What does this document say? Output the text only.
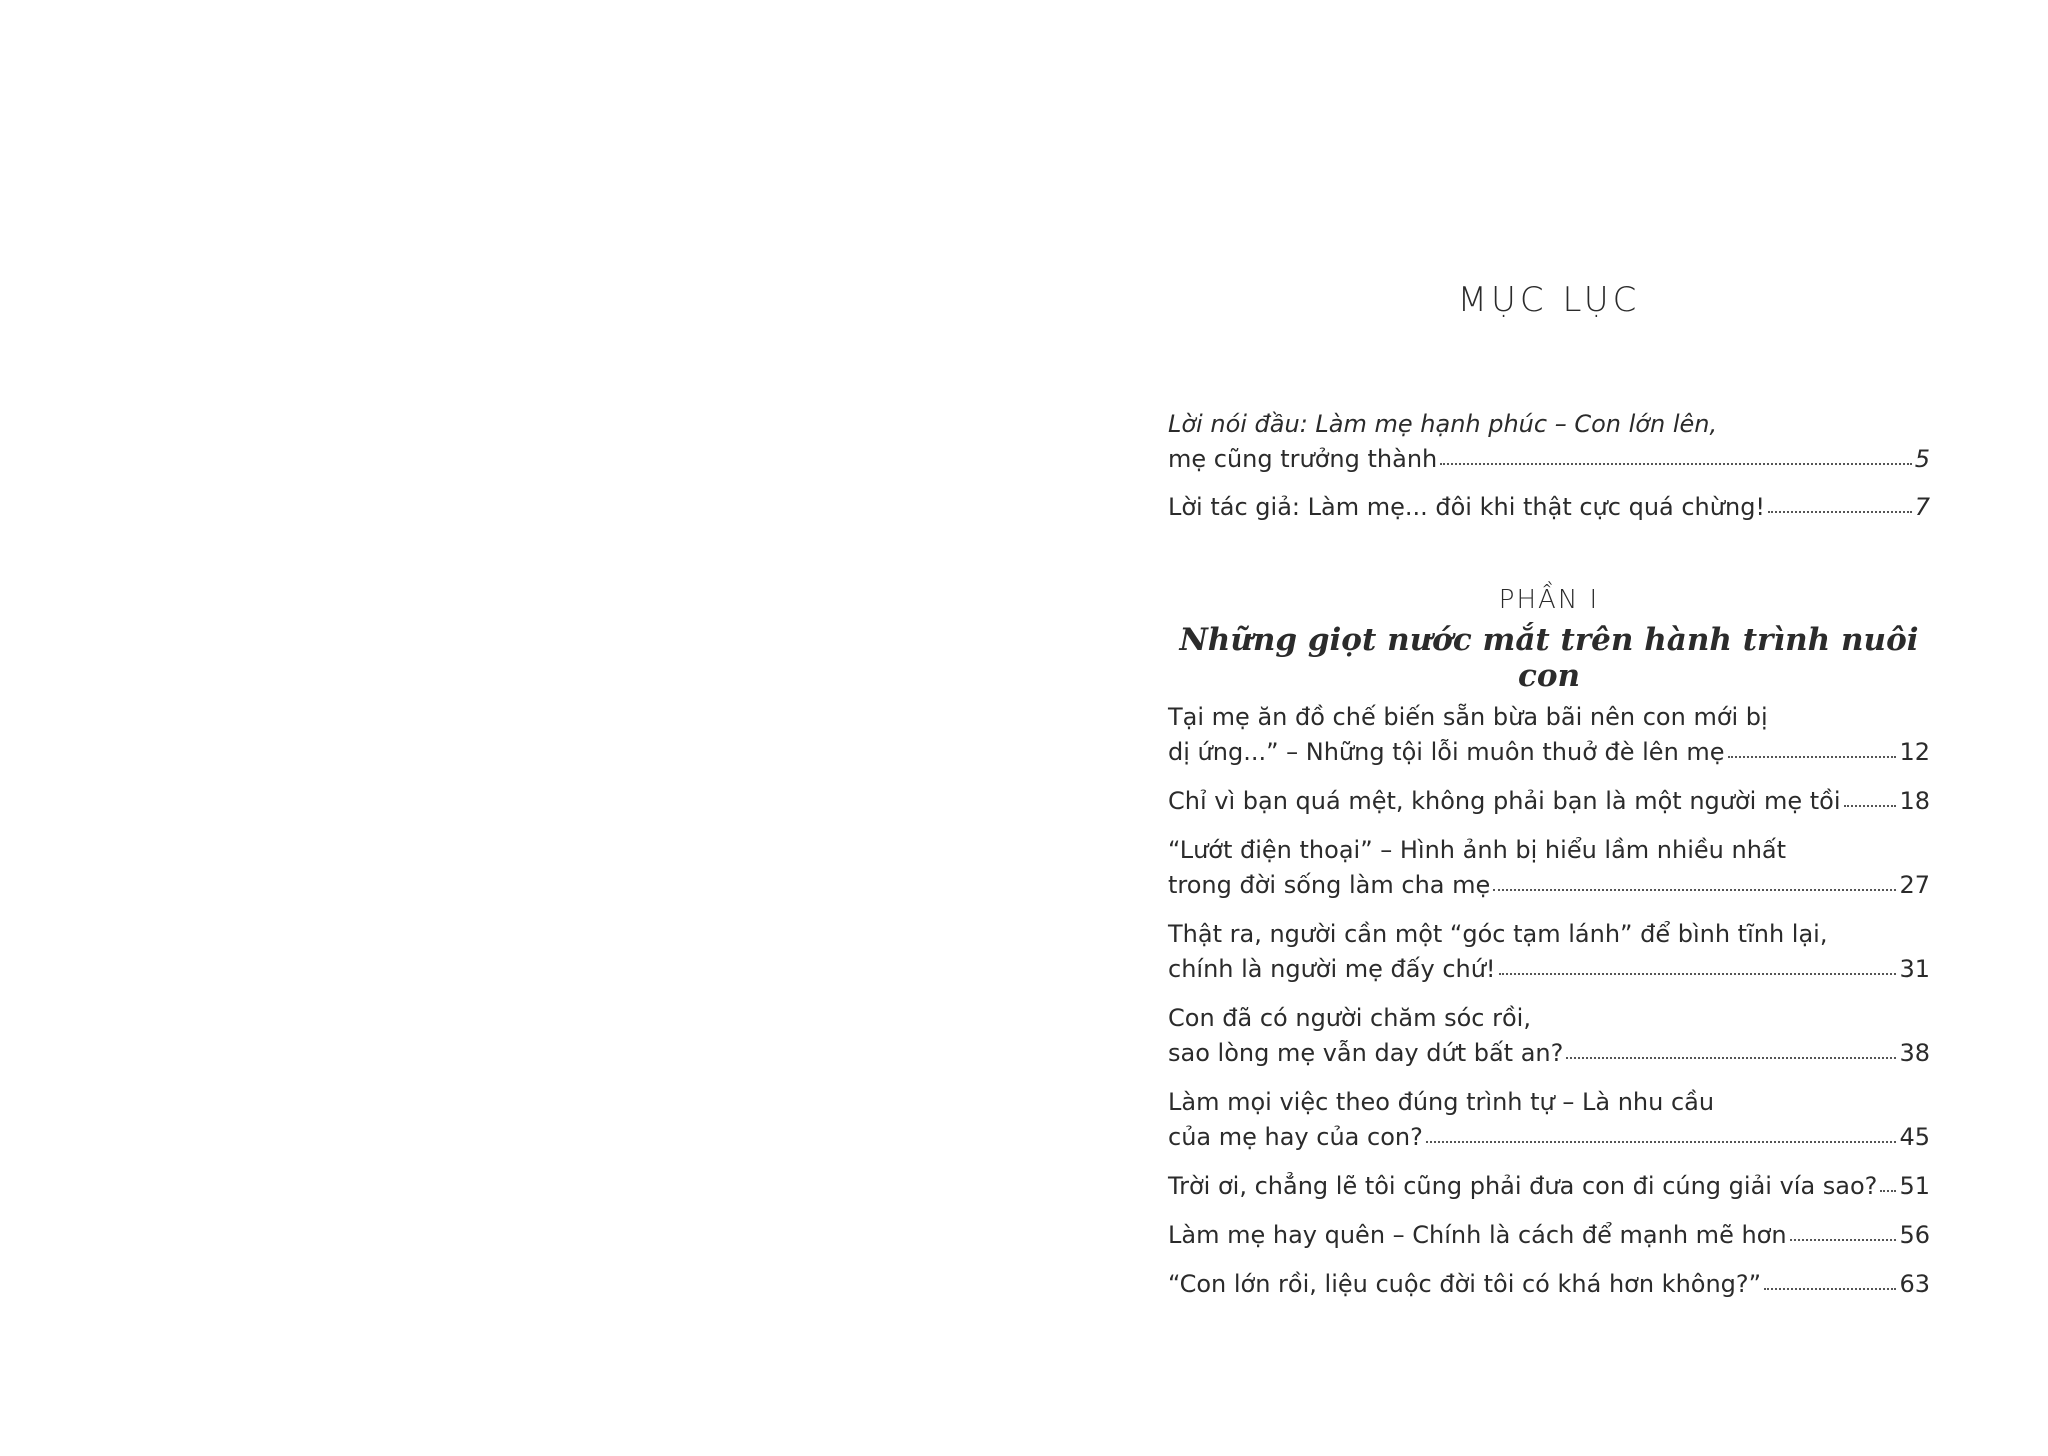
MỤC LỤC
Lời nói đầu: Làm mẹ hạnh phúc – Con lớn lên,
mẹ cũng trưởng thành	5
Lời tác giả: Làm mẹ... đôi khi thật cực quá chừng!	7
PHẦN I
Những giọt nước mắt trên hành trình nuôi con
Tại mẹ ăn đồ chế biến sẵn bừa bãi nên con mới bị
dị ứng...” – Những tội lỗi muôn thuở đè lên mẹ	12
Chỉ vì bạn quá mệt, không phải bạn là một người mẹ tồi 18
“Lướt điện thoại” – Hình ảnh bị hiểu lầm nhiều nhất
trong đời sống làm cha mẹ	27
Thật ra, người cần một “góc tạm lánh” để bình tĩnh lại,
chính là người mẹ đấy chứ!	31
Con đã có người chăm sóc rồi,
sao lòng mẹ vẫn day dứt bất an?	38
Làm mọi việc theo đúng trình tự – Là nhu cầu
của mẹ hay của con?	45
Trời ơi, chẳng lẽ tôi cũng phải đưa con đi cúng giải vía sao? 51
Làm mẹ hay quên – Chính là cách để mạnh mẽ hơn	56
“Con lớn rồi, liệu cuộc đời tôi có khá hơn không?”	63
